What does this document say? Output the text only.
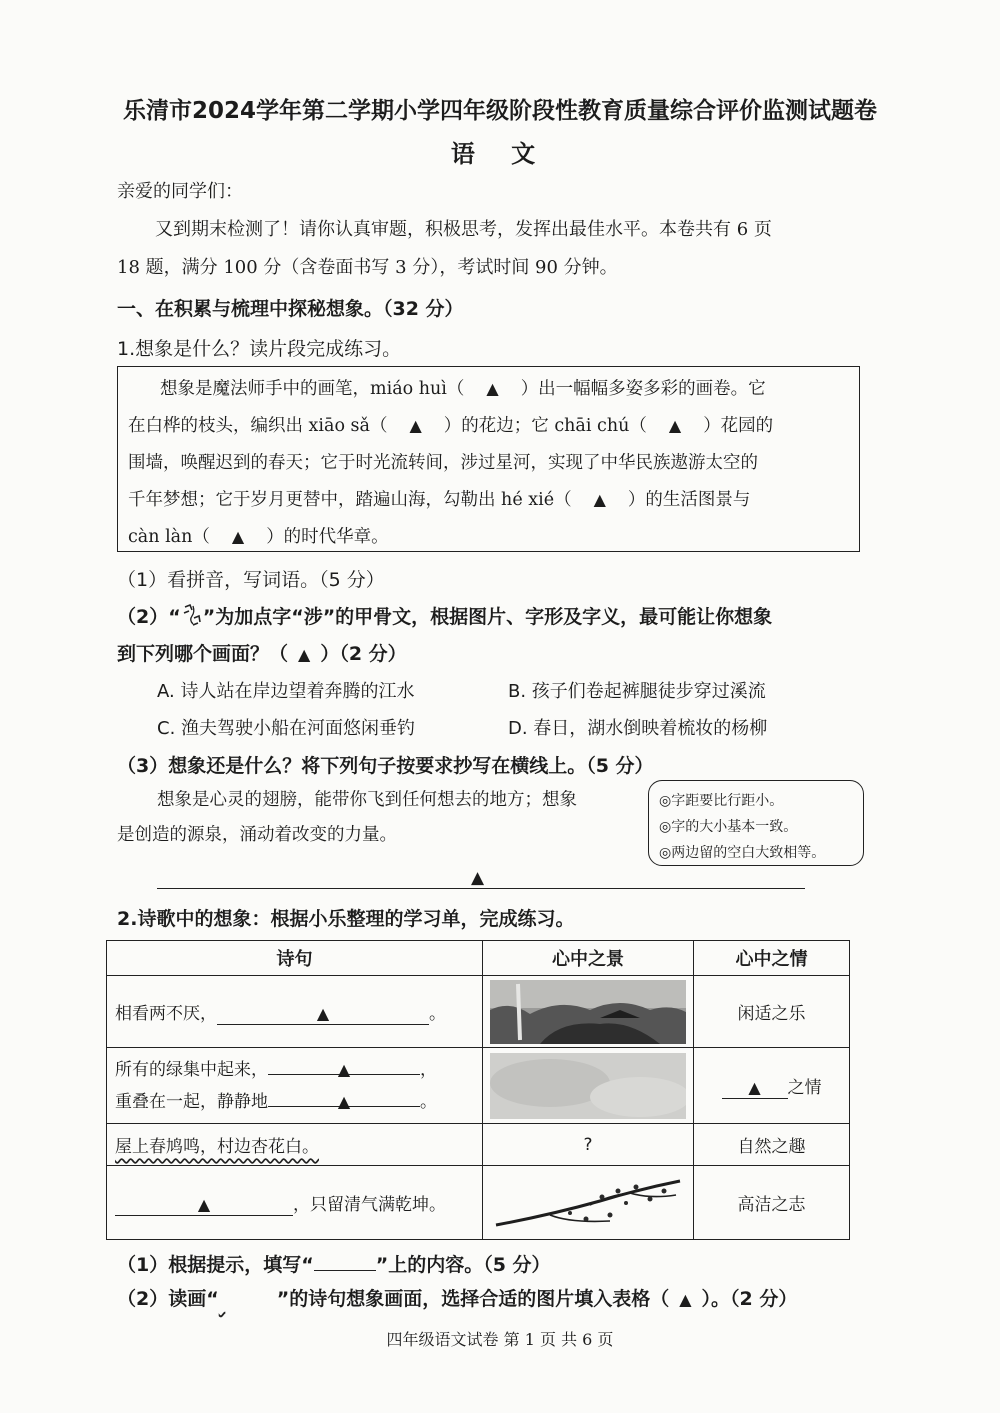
乐清市2024学年第二学期小学四年级阶段性教育质量综合评价监测试题卷
语 文
亲爱的同学们：
又到期末检测了！请你认真审题，积极思考，发挥出最佳水平。本卷共有 6 页
18 题，满分 100 分（含卷面书写 3 分），考试时间 90 分钟。
一、在积累与梳理中探秘想象。（32 分）
1.想象是什么？读片段完成练习。
想象是魔法师手中的画笔，miáo huì（ ▲ ）出一幅幅多姿多彩的画卷。它
在白桦的枝头，编织出 xiāo sǎ（ ▲ ）的花边；它 chāi chú（ ▲ ）花园的
围墙，唤醒迟到的春天；它于时光流转间，涉过星河，实现了中华民族遨游太空的
千年梦想；它于岁月更替中，踏遍山海，勾勒出 hé xié（ ▲ ）的生活图景与
càn làn（ ▲ ）的时代华章。
（1）看拼音，写词语。（5 分）
（2）“ ”为加点字“涉”的甲骨文，根据图片、字形及字义，最可能让你想象
到下列哪个画面？（ ▲ ）（2 分）
A. 诗人站在岸边望着奔腾的江水	B. 孩子们卷起裤腿徒步穿过溪流
C. 渔夫驾驶小船在河面悠闲垂钓	D. 春日，湖水倒映着梳妆的杨柳
（3）想象还是什么？将下列句子按要求抄写在横线上。（5 分）
想象是心灵的翅膀，能带你飞到任何想去的地方；想象
是创造的源泉，涌动着改变的力量。
◎字距要比行距小。
◎字的大小基本一致。
◎两边留的空白大致相等。
▲
2.诗歌中的想象：根据小乐整理的学习单，完成练习。
诗句	心中之景	心中之情
相看两不厌， ▲ 。		闲适之乐

所有的绿集中起来， ▲ ，
重叠在一起，静静地 ▲ 。		▲ 之情
屋上春鸠鸣，村边杏花白。	?	自然之趣
▲ ，只留清气满乾坤。		高洁之志
（1）根据提示，填写“	”上的内容。（5 分）
（2）读画“	”的诗句想象画面，选择合适的图片填入表格（ ▲ ）。（2 分）
四年级语文试卷 第 1 页 共 6 页
